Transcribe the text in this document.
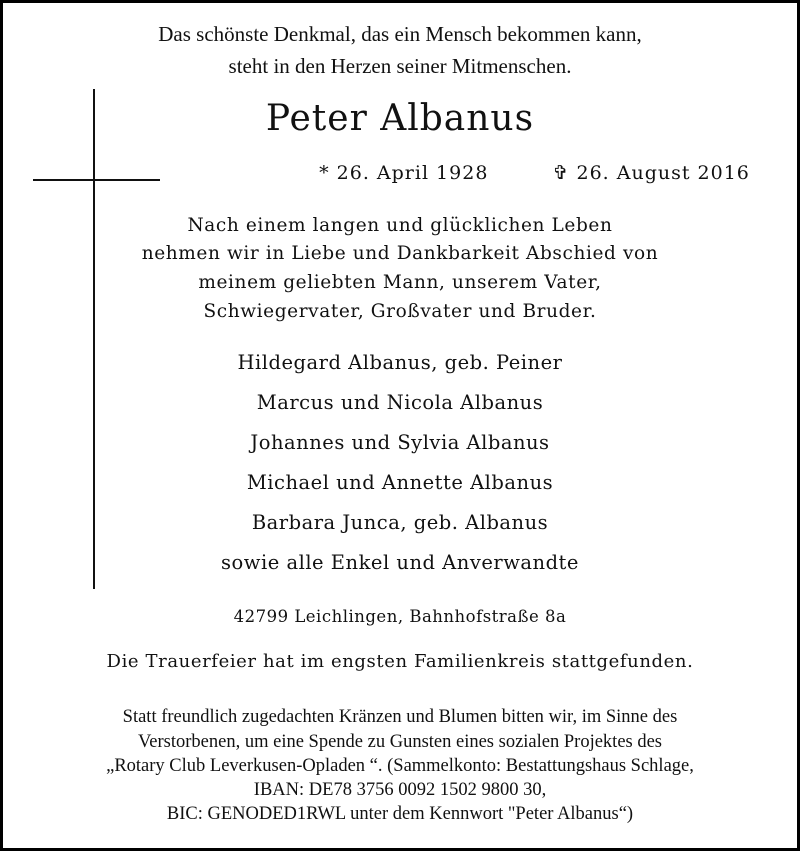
Das schönste Denkmal, das ein Mensch bekommen kann,
steht in den Herzen seiner Mitmenschen.
Peter Albanus
* 26. April 1928	✞ 26. August 2016
Nach einem langen und glücklichen Leben
nehmen wir in Liebe und Dankbarkeit Abschied von
meinem geliebten Mann, unserem Vater,
Schwiegervater, Großvater und Bruder.
Hildegard Albanus, geb. Peiner
Marcus und Nicola Albanus
Johannes und Sylvia Albanus
Michael und Annette Albanus
Barbara Junca, geb. Albanus
sowie alle Enkel und Anverwandte
42799 Leichlingen, Bahnhofstraße 8a
Die Trauerfeier hat im engsten Familienkreis stattgefunden.
Statt freundlich zugedachten Kränzen und Blumen bitten wir, im Sinne des
Verstorbenen, um eine Spende zu Gunsten eines sozialen Projektes des
„Rotary Club Leverkusen-Opladen “. (Sammelkonto: Bestattungshaus Schlage,
IBAN: DE78 3756 0092 1502 9800 30,
BIC: GENODED1RWL unter dem Kennwort "Peter Albanus“)
